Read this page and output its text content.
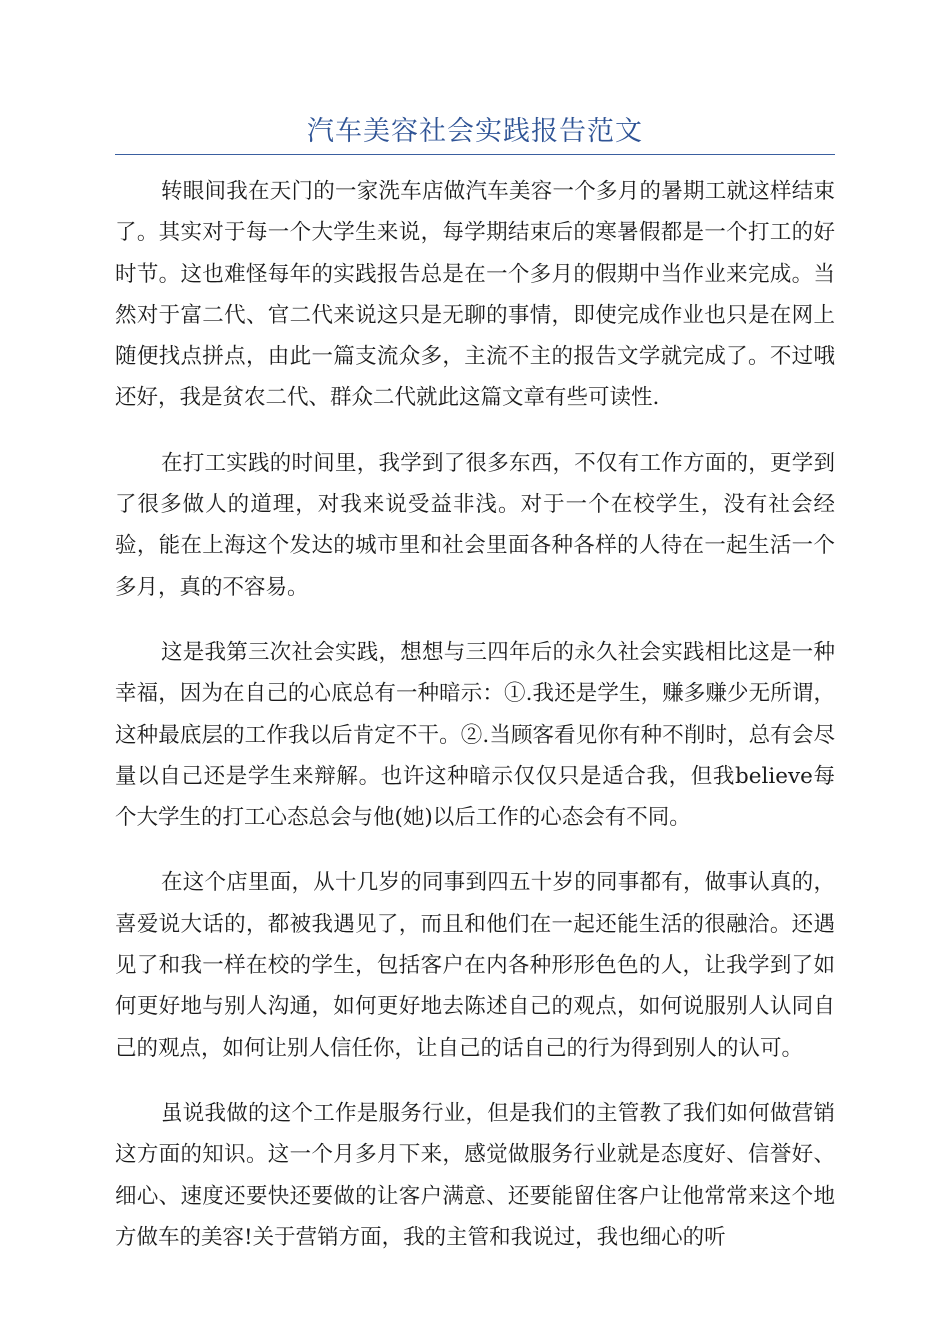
汽车美容社会实践报告范文

转眼间我在天门的一家洗车店做汽车美容一个多月的暑期工就这样结束了。其实对于每一个大学生来说，每学期结束后的寒暑假都是一个打工的好时节。这也难怪每年的实践报告总是在一个多月的假期中当作业来完成。当然对于富二代、官二代来说这只是无聊的事情，即使完成作业也只是在网上随便找点拼点，由此一篇支流众多，主流不主的报告文学就完成了。不过哦还好，我是贫农二代、群众二代就此这篇文章有些可读性.

在打工实践的时间里，我学到了很多东西，不仅有工作方面的，更学到了很多做人的道理，对我来说受益非浅。对于一个在校学生，没有社会经验，能在上海这个发达的城市里和社会里面各种各样的人待在一起生活一个多月，真的不容易。

这是我第三次社会实践，想想与三四年后的永久社会实践相比这是一种幸福，因为在自己的心底总有一种暗示：①.我还是学生，赚多赚少无所谓，这种最底层的工作我以后肯定不干。②.当顾客看见你有种不削时，总有会尽量以自己还是学生来辩解。也许这种暗示仅仅只是适合我，但我believe每个大学生的打工心态总会与他(她)以后工作的心态会有不同。

在这个店里面，从十几岁的同事到四五十岁的同事都有，做事认真的，喜爱说大话的，都被我遇见了，而且和他们在一起还能生活的很融洽。还遇见了和我一样在校的学生，包括客户在内各种形形色色的人，让我学到了如何更好地与别人沟通，如何更好地去陈述自己的观点，如何说服别人认同自己的观点，如何让别人信任你，让自己的话自己的行为得到别人的认可。

虽说我做的这个工作是服务行业，但是我们的主管教了我们如何做营销这方面的知识。这一个月多月下来，感觉做服务行业就是态度好、信誉好、细心、速度还要快还要做的让客户满意、还要能留住客户让他常常来这个地方做车的美容!关于营销方面，我的主管和我说过，我也细心的听
